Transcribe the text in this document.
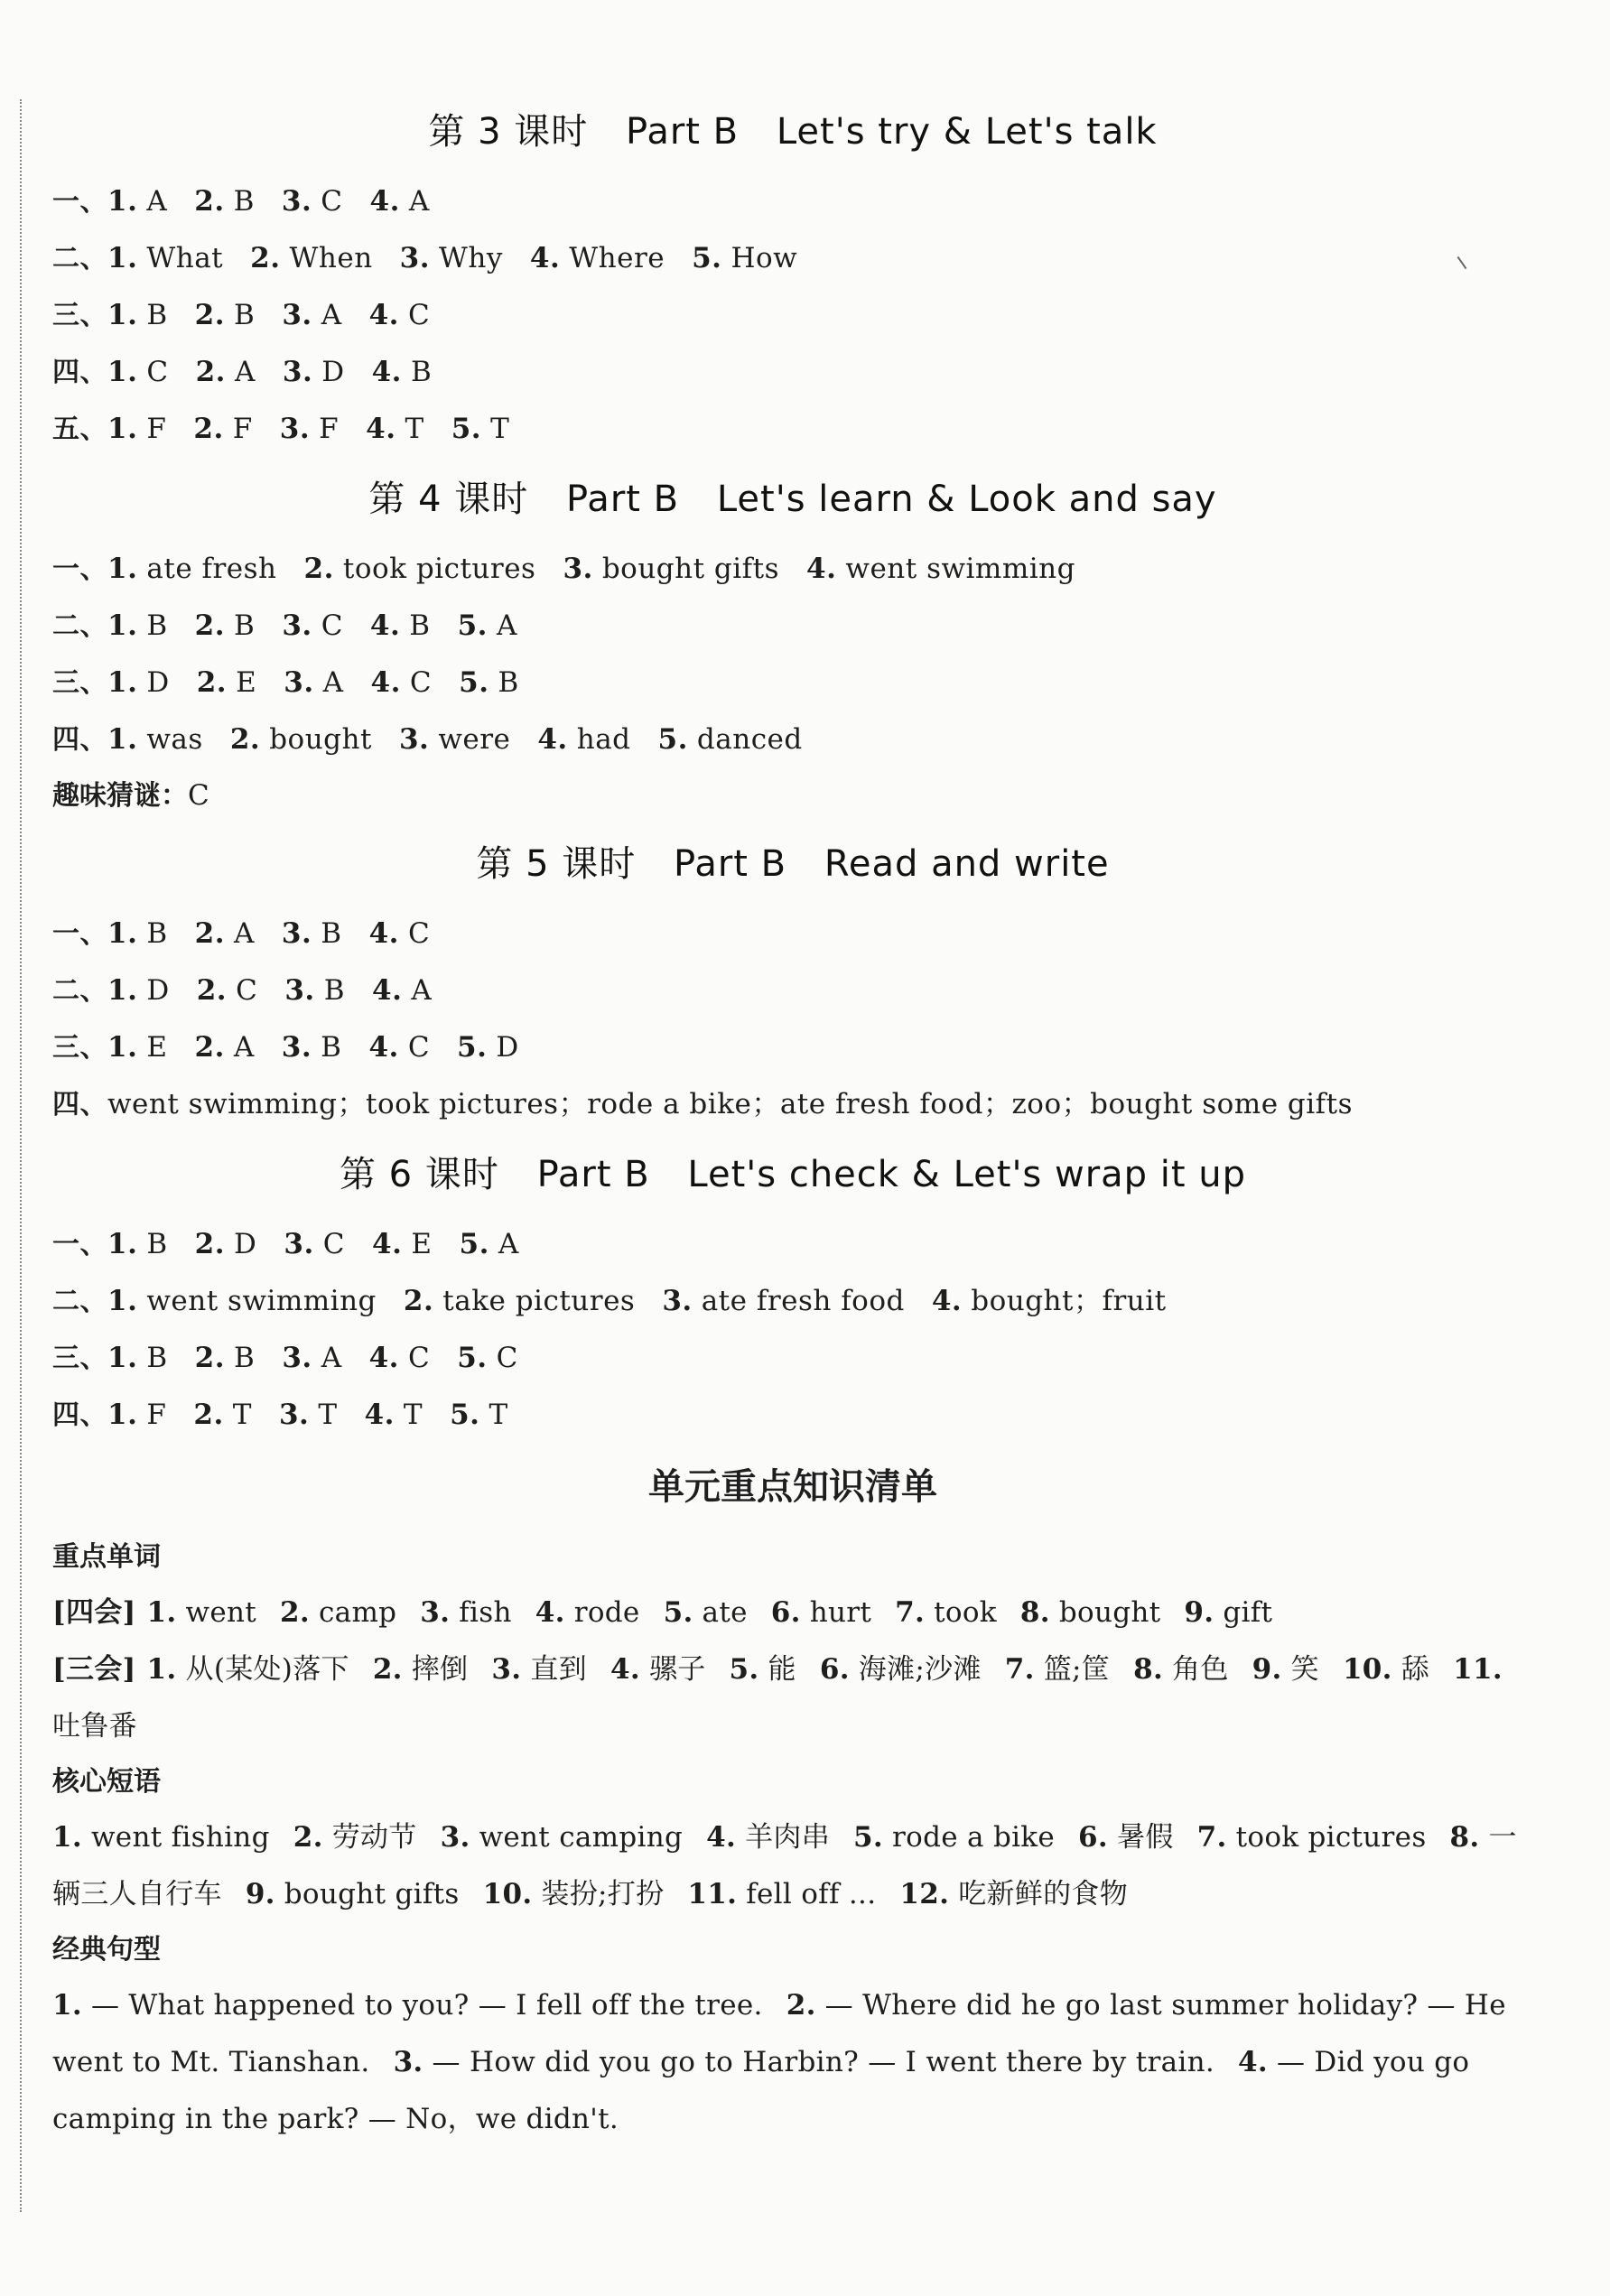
第 3 课时 Part B Let's try & Let's talk
一、1. A 2. B 3. C 4. A
二、1. What 2. When 3. Why 4. Where 5. How
三、1. B 2. B 3. A 4. C
四、1. C 2. A 3. D 4. B
五、1. F 2. F 3. F 4. T 5. T
第 4 课时 Part B Let's learn & Look and say
一、1. ate fresh 2. took pictures 3. bought gifts 4. went swimming
二、1. B 2. B 3. C 4. B 5. A
三、1. D 2. E 3. A 4. C 5. B
四、1. was 2. bought 3. were 4. had 5. danced
趣味猜谜：C
第 5 课时 Part B Read and write
一、1. B 2. A 3. B 4. C
二、1. D 2. C 3. B 4. A
三、1. E 2. A 3. B 4. C 5. D
四、went swimming；took pictures；rode a bike；ate fresh food；zoo；bought some gifts
第 6 课时 Part B Let's check & Let's wrap it up
一、1. B 2. D 3. C 4. E 5. A
二、1. went swimming 2. take pictures 3. ate fresh food 4. bought；fruit
三、1. B 2. B 3. A 4. C 5. C
四、1. F 2. T 3. T 4. T 5. T
单元重点知识清单
重点单词
[四会] 1. went 2. camp 3. fish 4. rode 5. ate 6. hurt 7. took 8. bought 9. gift
[三会] 1. 从(某处)落下 2. 摔倒 3. 直到 4. 骡子 5. 能 6. 海滩;沙滩 7. 篮;筐 8. 角色 9. 笑 10. 舔 11.吐鲁番
核心短语
1. went fishing 2. 劳动节 3. went camping 4. 羊肉串 5. rode a bike 6. 暑假 7. took pictures 8. 一辆三人自行车 9. bought gifts 10. 装扮;打扮 11. fell off ... 12. 吃新鲜的食物
经典句型
1. — What happened to you? — I fell off the tree. 2. — Where did he go last summer holiday? — He went to Mt. Tianshan. 3. — How did you go to Harbin? — I went there by train. 4. — Did you go camping in the park? — No，we didn't.
